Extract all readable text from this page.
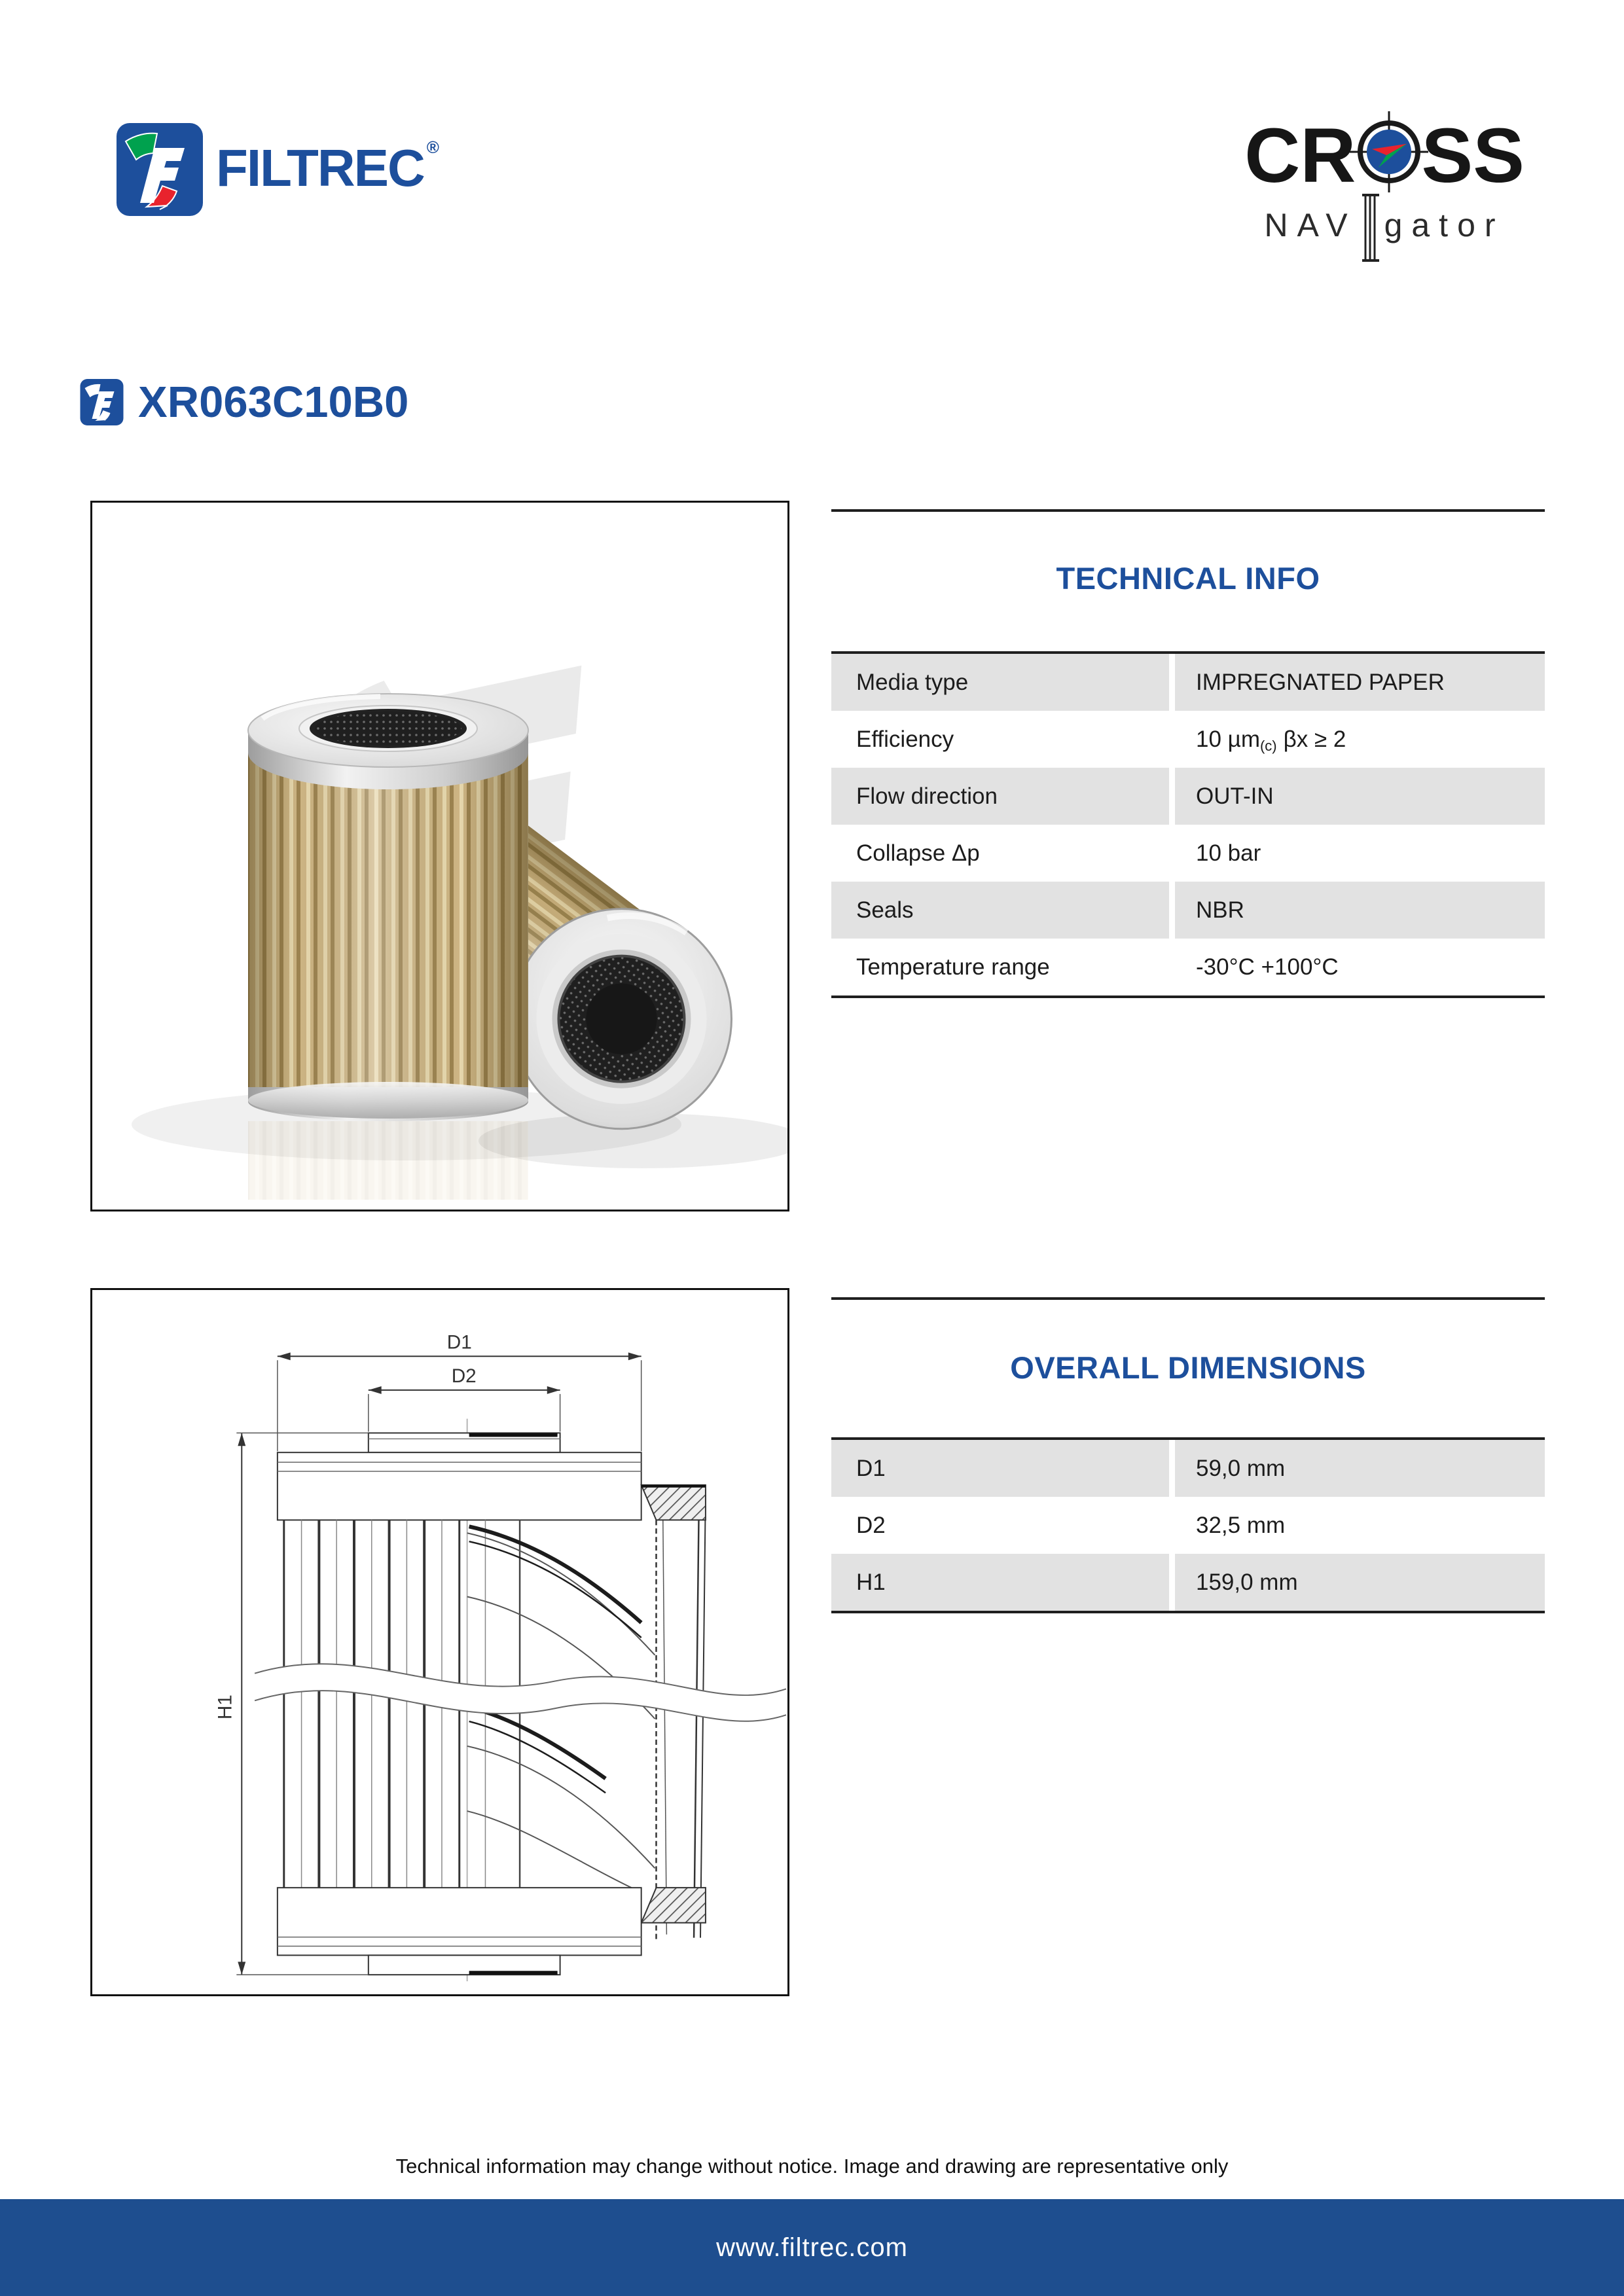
FILTREC ®	CR SS
NAV gator
XR063C10B0
TECHNICAL INFO
Media type	IMPREGNATED PAPER
Efficiency	10 µm$_{(c)}$ βx ≥ 2
Flow direction	OUT-IN
Collapse Δp	10 bar
Seals	NBR
Temperature range	-30°C +100°C
D1
D2
H1
OVERALL DIMENSIONS
D1	59,0 mm
D2	32,5 mm
H1	159,0 mm
Technical information may change without notice. Image and drawing are representative only
www.filtrec.com
